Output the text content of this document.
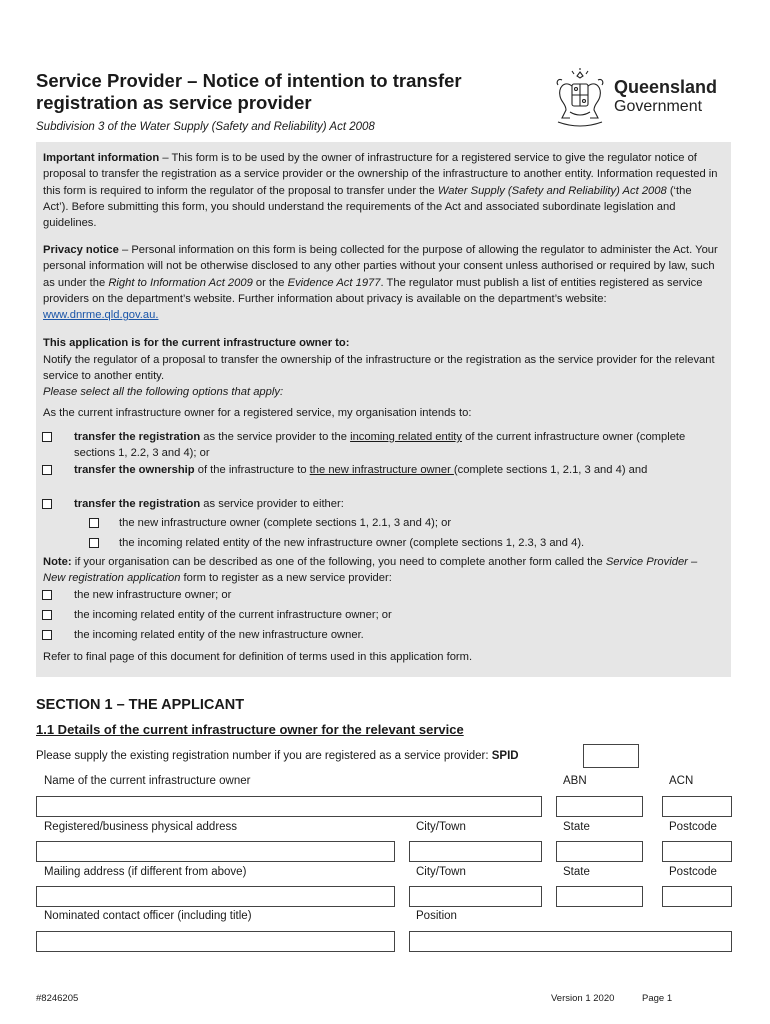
Service Provider – Notice of intention to transfer
registration as service provider
Subdivision 3 of the Water Supply (Safety and Reliability) Act 2008
Queensland
Government

Important information – This form is to be used by the owner of infrastructure for a registered service to give the regulator notice of proposal to transfer the registration as a service provider or the ownership of the infrastructure to another entity. Information requested in this form is required to inform the regulator of the proposal to transfer under the Water Supply (Safety and Reliability) Act 2008 (‘the Act’). Before submitting this form, you should understand the requirements of the Act and associated subordinate legislation and guidelines.

Privacy notice – Personal information on this form is being collected for the purpose of allowing the regulator to administer the Act. Your personal information will not be otherwise disclosed to any other parties without your consent unless authorised or required by law, such as under the Right to Information Act 2009 or the Evidence Act 1977. The regulator must publish a list of entities registered as service providers on the department’s website. Further information about privacy is available on the department’s website: www.dnrme.qld.gov.au.

This application is for the current infrastructure owner to:

Notify the regulator of a proposal to transfer the ownership of the infrastructure or the registration as the service provider for the relevant service to another entity.

Please select all the following options that apply:

As the current infrastructure owner for a registered service, my organisation intends to:

transfer the registration as the service provider to the incoming related entity of the current infrastructure owner (complete sections 1, 2.2, 3 and 4); or
transfer the ownership of the infrastructure to the new infrastructure owner (complete sections 1, 2.1, 3 and 4) and
transfer the registration as service provider to either:
the new infrastructure owner (complete sections 1, 2.1, 3 and 4); or
the incoming related entity of the new infrastructure owner (complete sections 1, 2.3, 3 and 4).

Note: if your organisation can be described as one of the following, you need to complete another form called the Service Provider – New registration application form to register as a new service provider:

the new infrastructure owner; or
the incoming related entity of the current infrastructure owner; or
the incoming related entity of the new infrastructure owner.

Refer to final page of this document for definition of terms used in this application form.

SECTION 1 – THE APPLICANT
1.1 Details of the current infrastructure owner for the relevant service
Please supply the existing registration number if you are registered as a service provider: SPID
Name of the current infrastructure owner	ABN	ACN
Registered/business physical address	City/Town	State	Postcode
Mailing address (if different from above)	City/Town	State	Postcode
Nominated contact officer (including title)	Position
#8246205	Version 1 2020	Page 1
